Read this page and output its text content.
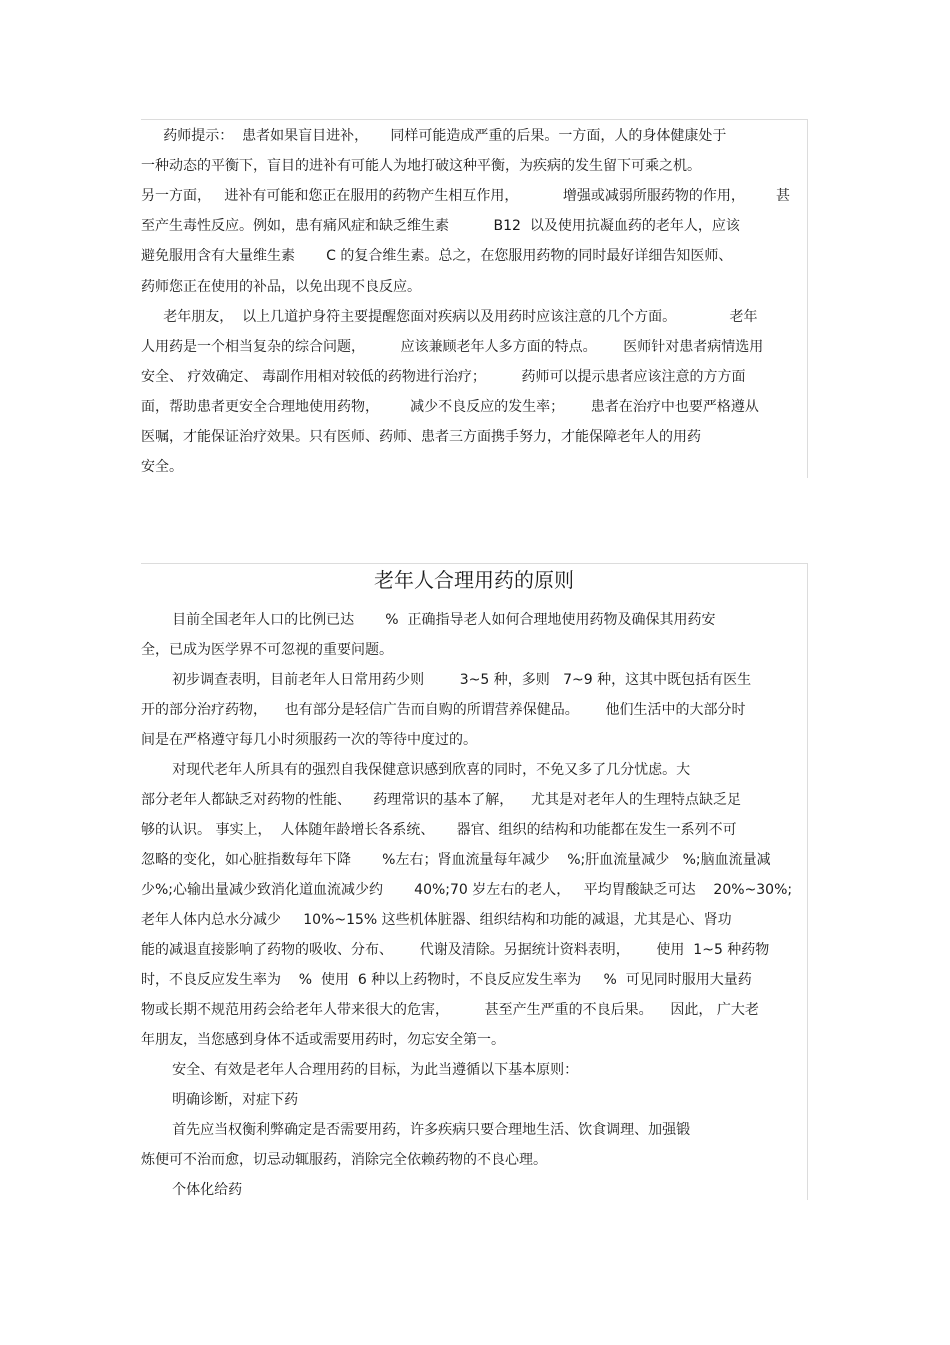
药师提示：  患者如果盲目进补，     同样可能造成严重的后果。一方面，人的身体健康处于
一种动态的平衡下，盲目的进补有可能人为地打破这种平衡，为疾病的发生留下可乘之机。
另一方面，   进补有可能和您正在服用的药物产生相互作用，          增强或减弱所服药物的作用，       甚
至产生毒性反应。例如，患有痛风症和缺乏维生素          B12  以及使用抗凝血药的老年人，应该
避免服用含有大量维生素       C 的复合维生素。总之，在您服用药物的同时最好详细告知医师、
药师您正在使用的补品，以免出现不良反应。
老年朋友，  以上几道护身符主要提醒您面对疾病以及用药时应该注意的几个方面。            老年
人用药是一个相当复杂的综合问题，        应该兼顾老年人多方面的特点。      医师针对患者病情选用
安全、 疗效确定、 毒副作用相对较低的药物进行治疗；        药师可以提示患者应该注意的方方面
面，帮助患者更安全合理地使用药物，       减少不良反应的发生率；      患者在治疗中也要严格遵从
医嘱，才能保证治疗效果。只有医师、药师、患者三方面携手努力，才能保障老年人的用药
安全。
老年人合理用药的原则
目前全国老年人口的比例已达       %  正确指导老人如何合理地使用药物及确保其用药安
全，已成为医学界不可忽视的重要问题。
初步调查表明，目前老年人日常用药少则        3~5 种，多则   7~9 种，这其中既包括有医生
开的部分治疗药物，    也有部分是轻信广告而自购的所谓营养保健品。      他们生活中的大部分时
间是在严格遵守每几小时须服药一次的等待中度过的。
对现代老年人所具有的强烈自我保健意识感到欣喜的同时，不免又多了几分忧虑。大
部分老年人都缺乏对药物的性能、     药理常识的基本了解，    尤其是对老年人的生理特点缺乏足
够的认识。 事实上，  人体随年龄增长各系统、     器官、组织的结构和功能都在发生一系列不可
忽略的变化，如心脏指数每年下降       %左右；肾血流量每年减少    %;肝血流量减少   %;脑血流量减
少%;心输出量减少致消化道血流减少约       40%;70 岁左右的老人，   平均胃酸缺乏可达    20%~30%;
老年人体内总水分减少     10%~15% 这些机体脏器、组织结构和功能的减退，尤其是心、肾功
能的减退直接影响了药物的吸收、分布、      代谢及清除。另据统计资料表明，      使用  1~5 种药物
时，不良反应发生率为    %  使用  6 种以上药物时，不良反应发生率为     %  可见同时服用大量药
物或长期不规范用药会给老年人带来很大的危害，        甚至产生严重的不良后果。    因此， 广大老
年朋友，当您感到身体不适或需要用药时，勿忘安全第一。
安全、有效是老年人合理用药的目标，为此当遵循以下基本原则：
明确诊断，对症下药
首先应当权衡利弊确定是否需要用药，许多疾病只要合理地生活、饮食调理、加强锻
炼便可不治而愈，切忌动辄服药，消除完全依赖药物的不良心理。
个体化给药
